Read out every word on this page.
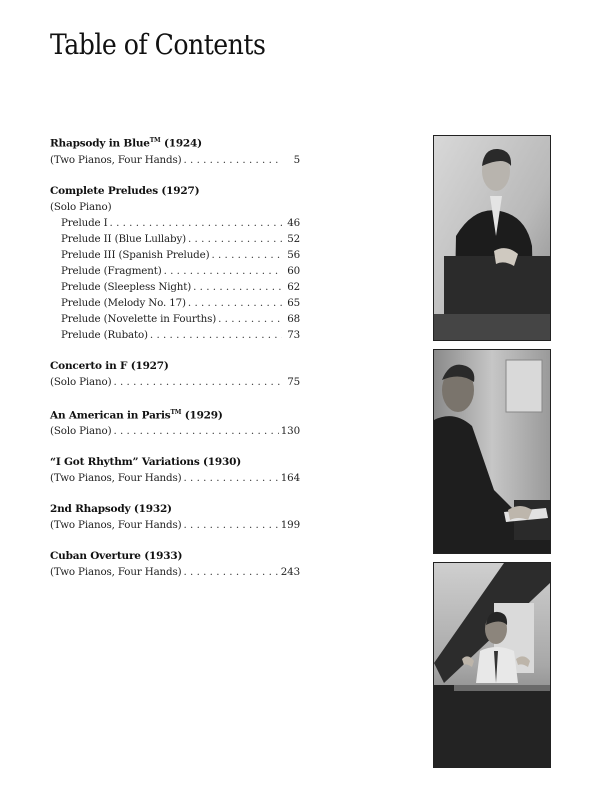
Table of Contents
Rhapsody in Blue™ (1924)
(Two Pianos, Four Hands) . . .	5
Complete Preludes (1927)
(Solo Piano)
Prelude I . . .	46
Prelude II (Blue Lullaby) . . .	52
Prelude III (Spanish Prelude) . . .	56
Prelude (Fragment) . . .	60
Prelude (Sleepless Night) . . .	62
Prelude (Melody No. 17) . . .	65
Prelude (Novelette in Fourths) . . .	68
Prelude (Rubato) . . .	73
Concerto in F (1927)
(Solo Piano) . . .	75
An American in Paris™ (1929)
(Solo Piano) . . .	130
“I Got Rhythm” Variations (1930)
(Two Pianos, Four Hands) . . .	164
2nd Rhapsody (1932)
(Two Pianos, Four Hands) . . .	199
Cuban Overture (1933)
(Two Pianos, Four Hands) . . .	243
